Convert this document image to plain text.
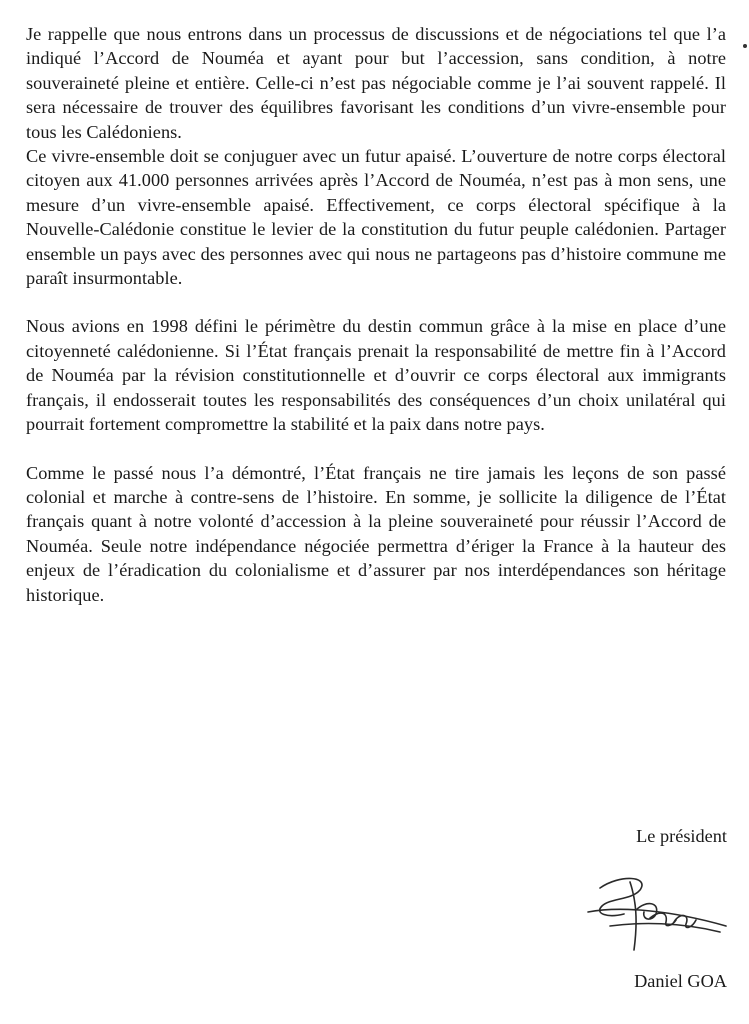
Je rappelle que nous entrons dans un processus de discussions et de négociations tel que l’a indiqué l’Accord de Nouméa et ayant pour but l’accession, sans condition, à notre souveraineté pleine et entière. Celle-ci n’est pas négociable comme je l’ai souvent rappelé. Il sera nécessaire de trouver des équilibres favorisant les conditions d’un vivre-ensemble pour tous les Calédoniens.

Ce vivre-ensemble doit se conjuguer avec un futur apaisé. L’ouverture de notre corps électoral citoyen aux 41.000 personnes arrivées après l’Accord de Nouméa, n’est pas à mon sens, une mesure d’un vivre-ensemble apaisé. Effectivement, ce corps électoral spécifique à la Nouvelle-Calédonie constitue le levier de la constitution du futur peuple calédonien. Partager ensemble un pays avec des personnes avec qui nous ne partageons pas d’histoire commune me paraît insurmontable.

Nous avions en 1998 défini le périmètre du destin commun grâce à la mise en place d’une citoyenneté calédonienne. Si l’État français prenait la responsabilité de mettre fin à l’Accord de Nouméa par la révision constitutionnelle et d’ouvrir ce corps électoral aux immigrants français, il endosserait toutes les responsabilités des conséquences d’un choix unilatéral qui pourrait fortement compromettre la stabilité et la paix dans notre pays.

Comme le passé nous l’a démontré, l’État français ne tire jamais les leçons de son passé colonial et marche à contre-sens de l’histoire. En somme, je sollicite la diligence de l’État français quant à notre volonté d’accession à la pleine souveraineté pour réussir l’Accord de Nouméa. Seule notre indépendance négociée permettra d’ériger la France à la hauteur des enjeux de l’éradication du colonialisme et d’assurer par nos interdépendances son héritage historique.

Le président
Daniel GOA
